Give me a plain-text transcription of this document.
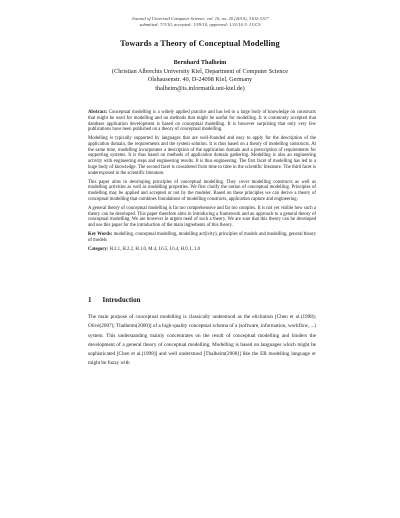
Journal of Universal Computer Science, vol. 16, no. 20 (2010), 3102-3117
submitted: 7/3/10, accepted: 13/9/10, appeared: 1/11/10 © J.UCS
Towards a Theory of Conceptual Modelling
Bernhard Thalheim
(Christian Albrechts University Kiel, Department of Computer Science
Olshausenstr. 40, D-24098 Kiel, Germany
thalheim@is.informatik.uni-kiel.de)

Abstract: Conceptual modelling is a widely applied practice and has led to a large body of knowledge on constructs that might be used for modelling and on methods that might be useful for modelling. It is commonly accepted that database application development is based on conceptual modelling. It is however surprising that only very few publications have been published on a theory of conceptual modelling.

Modelling is typically supported by languages that are well-founded and easy to apply for the description of the application domain, the requirements and the system solution. It is thus based on a theory of modelling constructs. At the same time, modelling incorporates a description of the application domain and a prescription of requirements for supporting systems. It is thus based on methods of application domain gathering. Modelling is also an engineering activity with engineering steps and engineering results. It is thus engineering. The first facet of modelling has led to a huge body of knowledge. The second facet is considered from time to time in the scientific literature. The third facet is underexposed in the scientific literature.

This paper aims in developing principles of conceptual modelling. They cover modelling constructs as well as modelling activities as well as modelling properties. We first clarify the notion of conceptual modelling. Principles of modelling may be applied and accepted or not by the modeler. Based on these principles we can derive a theory of conceptual modelling that combines foundations of modelling constructs, application capture and engineering.

A general theory of conceptual modelling is far too comprehensive and far too complex. It is not yet visible how such a theory can be developed. This paper therefore aims in introducing a framework and an approach to a general theory of conceptual modelling. We are however in urgent need of such a theory. We are sure that this theory can be developed and use this paper for the introduction of the main ingredients of this theory.

Key Words: modelling, conceptual modelling, modelling act(ivity), principles of models and modelling, general theory of models

Category: H.2.1, H.2.2, H.1.0, M.4, I.6.5, I.6.4, H.0, L.1.0

1 Introduction

The main purpose of conceptual modelling is classically understood as the elicitation [Chen et al.(1998); Olivé(2007); Thalheim(2000)] of a high-quality conceptual schema of a (software, information, workflow, ...) system. This understanding mainly concentrates on the result of conceptual modelling and hinders the development of a general theory of conceptual modelling. Modelling is based on languages which might be sophisticated [Chen et al.(1998)] and well understood [Thalheim(2000)] like the ER modelling language or might be fuzzy with
